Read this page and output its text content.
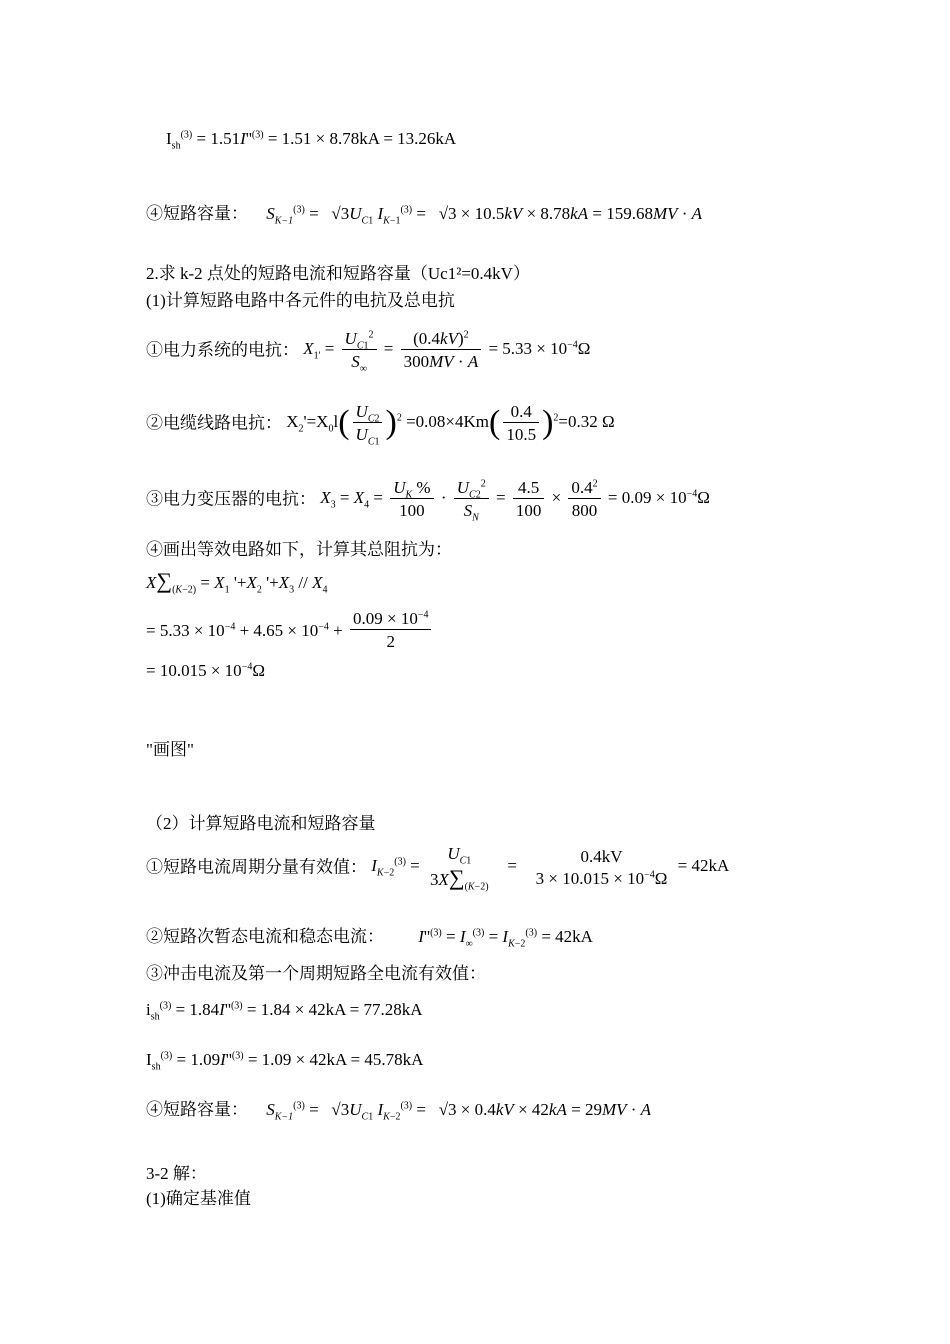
$I_{sh}^{(3)} = 1.51I''^{(3)} = 1.51 \times 8.78kA = 13.26kA$
④短路容量： $S_{K-1}^{(3)} = √3U_{C1}$ $I_{K-1}^{(3)} = √3 \times 10.5kV \times 8.78kA = 159.68MV \cdot A$
2.求 k-2 点处的短路电流和短路容量（Uc1²=0.4kV）
(1)计算短路电路中各元件的电抗及总电抗
①电力系统的电抗： $X_{1'} = \frac{U_{C1}^2}{S_\infty} = \frac{(0.4kV)^2}{300MV \cdot A} = 5.33 \times 10^{-4}\Omega$
②电缆线路电抗： $X_2'=X_0l( \frac{U_{C2}}{U_{C1}} )^2 =0.08\times 4Km( \frac{0.4}{10.5} )^2=0.32$ Ω
③电力变压器的电抗： $X_3 = X_4 = \frac{U_K \%}{100} \cdot \frac{U_{C2}^2}{S_N} = \frac{4.5}{100} \times \frac{0.4^2}{800} = 0.09 \times 10^{-4}\Omega$
④画出等效电路如下，计算其总阻抗为：
$X\sum_{(K-2)} = X_1$ '$+X_2$ '$+X_3 // X_4$
= $5.33 \times 10^{-4} + 4.65 \times 10^{-4} + \frac{0.09 \times 10^{-4}}{2}$
= $10.015 \times 10^{-4}\Omega$
"画图"
（2）计算短路电流和短路容量
①短路电流周期分量有效值： $I_{K-2}^{(3)}$ =
$U_{C1}$
$3X\sum_{(K-2)}$
=	0.4kV
$3 \times 10.015 \times 10^{-4}\Omega$
= 42kA
②短路次暂态电流和稳态电流： $I''^{(3)} = I_\infty^{(3)} = I_{K-2}^{(3)} = 42kA$
③冲击电流及第一个周期短路全电流有效值：
$i_{sh}^{(3)} = 1.84I''^{(3)} = 1.84 \times 42kA = 77.28kA$
$I_{sh}^{(3)} = 1.09I''^{(3)} = 1.09 \times 42kA = 45.78kA$
④短路容量： $S_{K-1}^{(3)} = √3U_{C1}$ $I_{K-2}^{(3)} = √3 \times 0.4kV \times 42kA = 29MV \cdot A$
3-2 解：
(1)确定基准值
